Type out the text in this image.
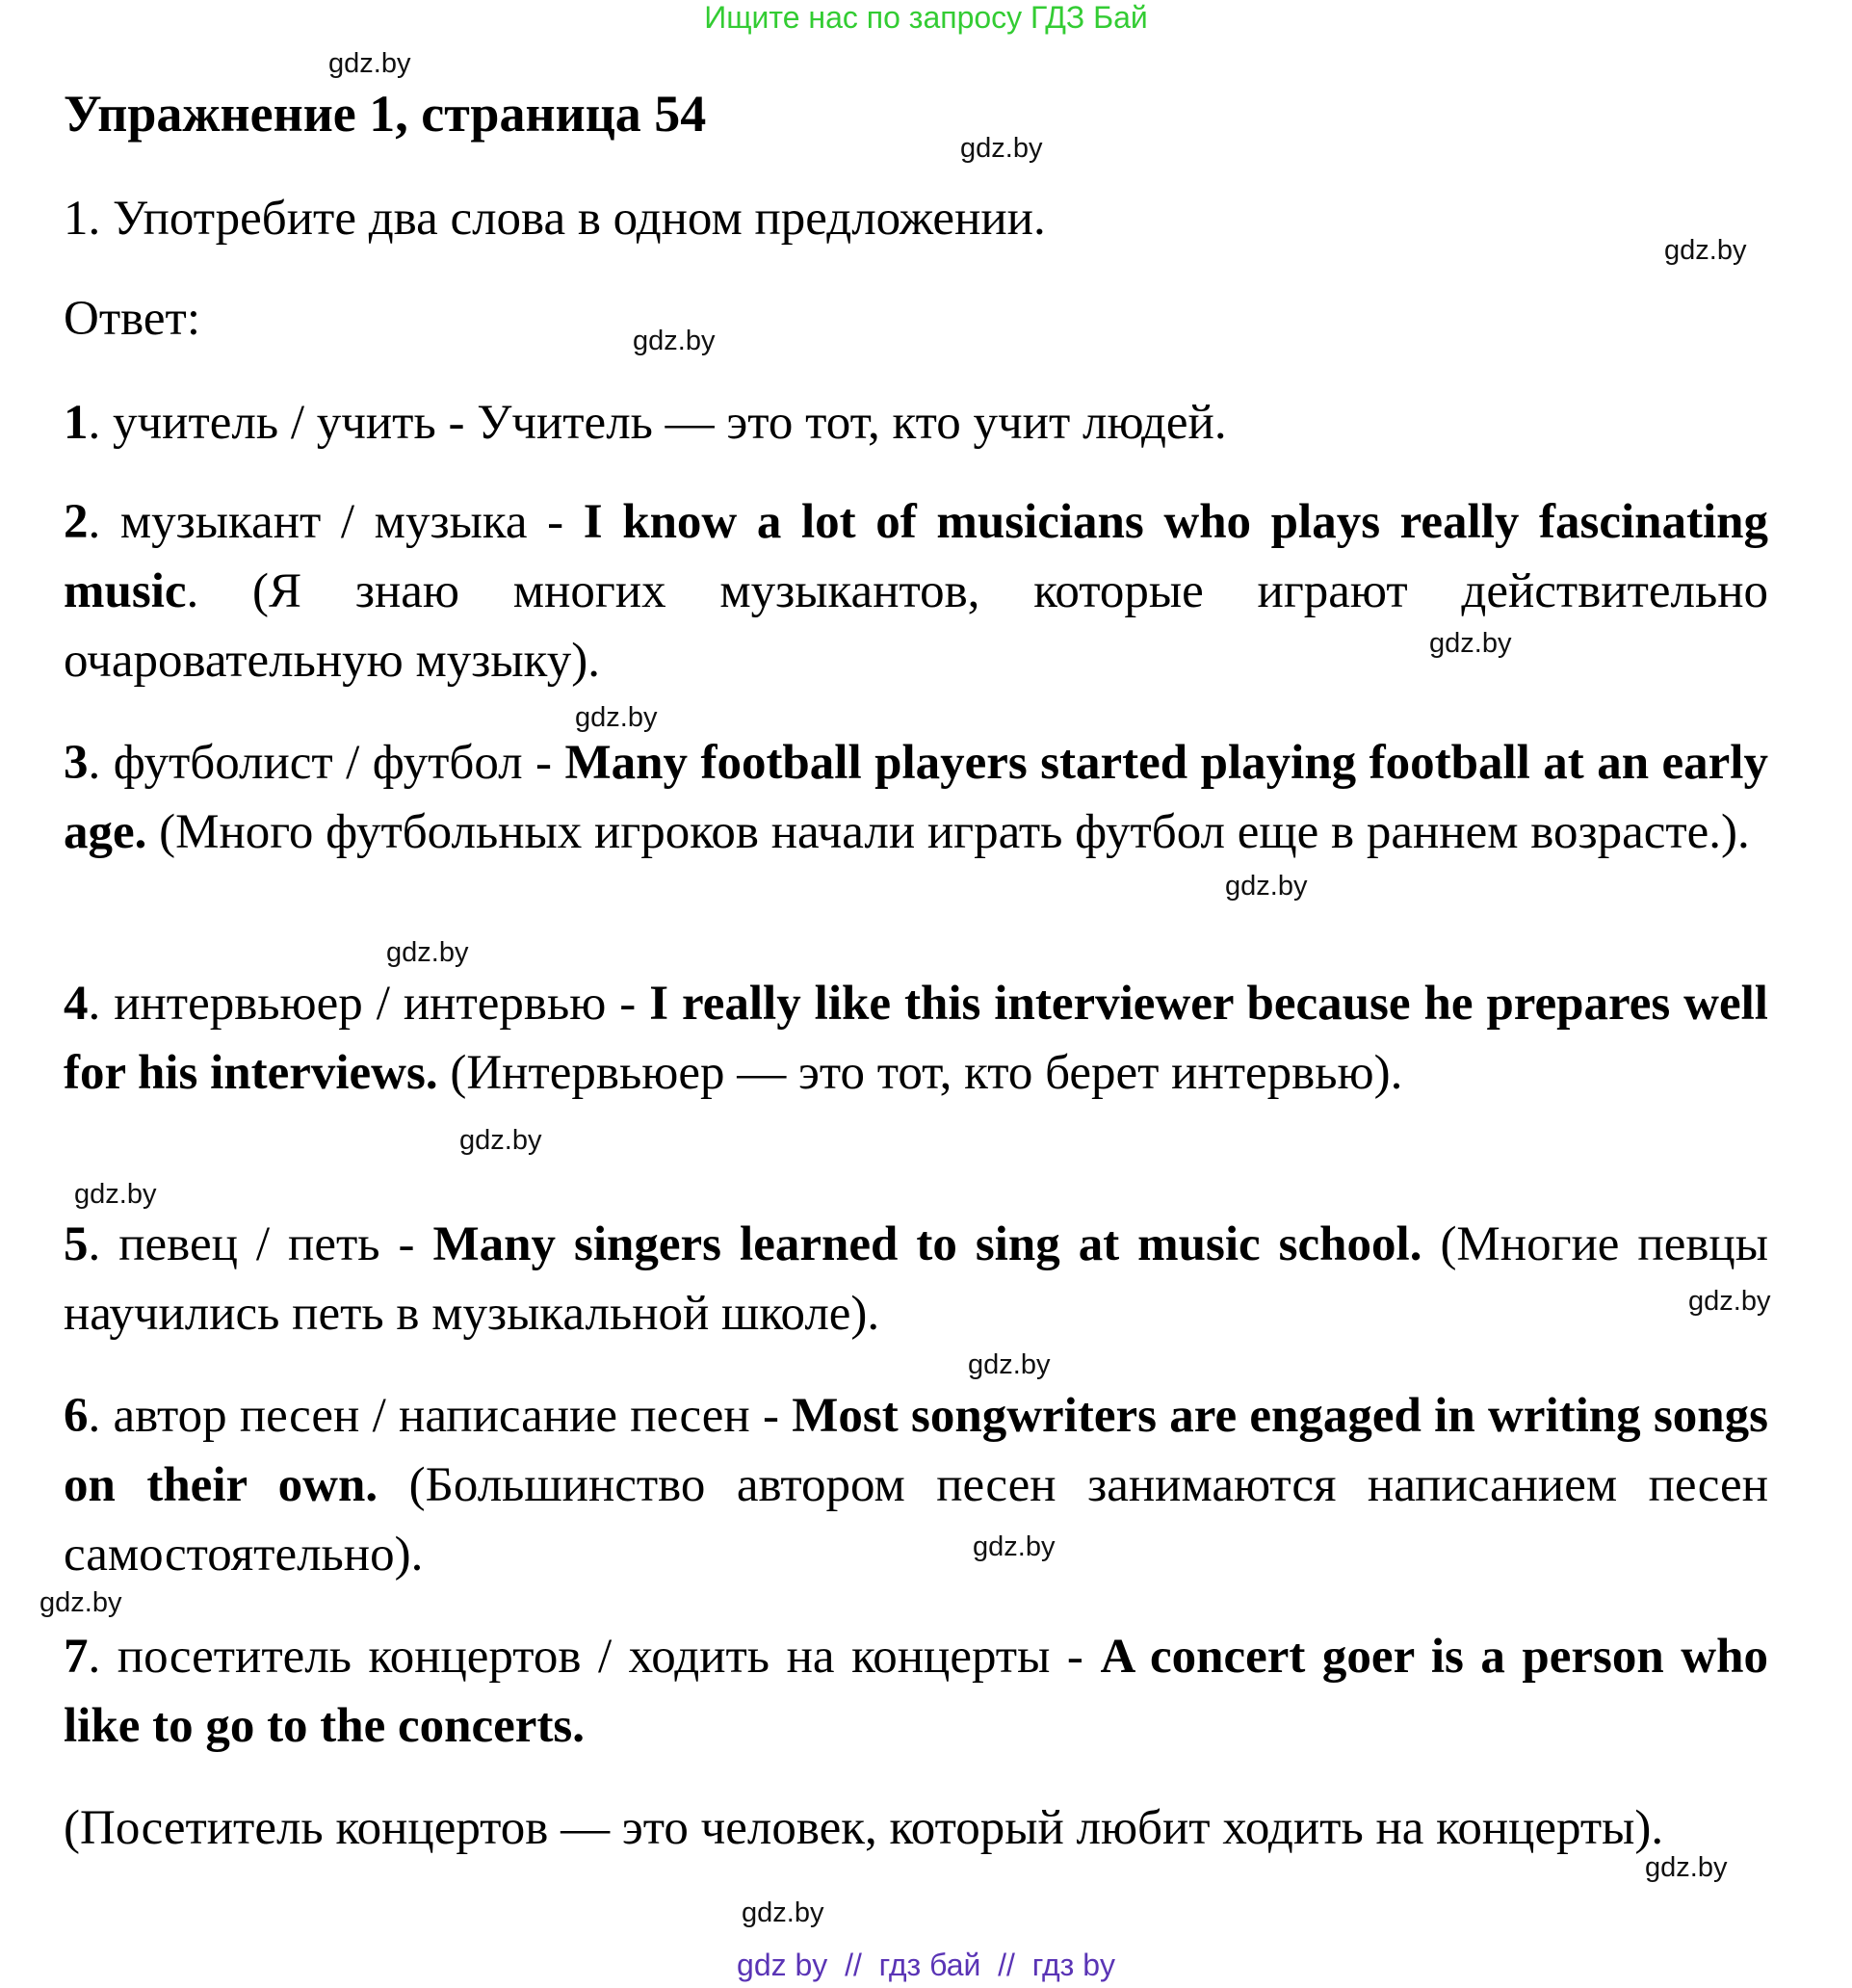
Ищите нас по запросу ГДЗ Бай
Упражнение 1, страница 54
1. Употребите два слова в одном предложении.
Ответ:
1. учитель / учить - Учитель — это тот, кто учит людей.
2. музыкант / музыка - I know a lot of musicians who plays really fascinating music. (Я знаю многих музыкантов, которые играют действительно очаровательную музыку).
3. футболист / футбол - Many football players started playing football at an early age. (Много футбольных игроков начали играть футбол еще в раннем возрасте.).
4. интервьюер / интервью - I really like this interviewer because he prepares well for his interviews. (Интервьюер — это тот, кто берет интервью).
5. певец / петь - Many singers learned to sing at music school. (Многие певцы научились петь в музыкальной школе).
6. автор песен / написание песен - Most songwriters are engaged in writing songs on their own. (Большинство автором песен занимаются написанием песен самостоятельно).
7. посетитель концертов / ходить на концерты - A concert goer is a person who like to go to the concerts.
(Посетитель концертов — это человек, который любит ходить на концерты).
gdz.by
gdz.by
gdz.by
gdz.by
gdz.by
gdz.by
gdz.by
gdz.by
gdz.by
gdz.by
gdz.by
gdz.by
gdz.by
gdz.by
gdz.by
gdz.by
gdz by  //  гдз бай  //  гдз by
